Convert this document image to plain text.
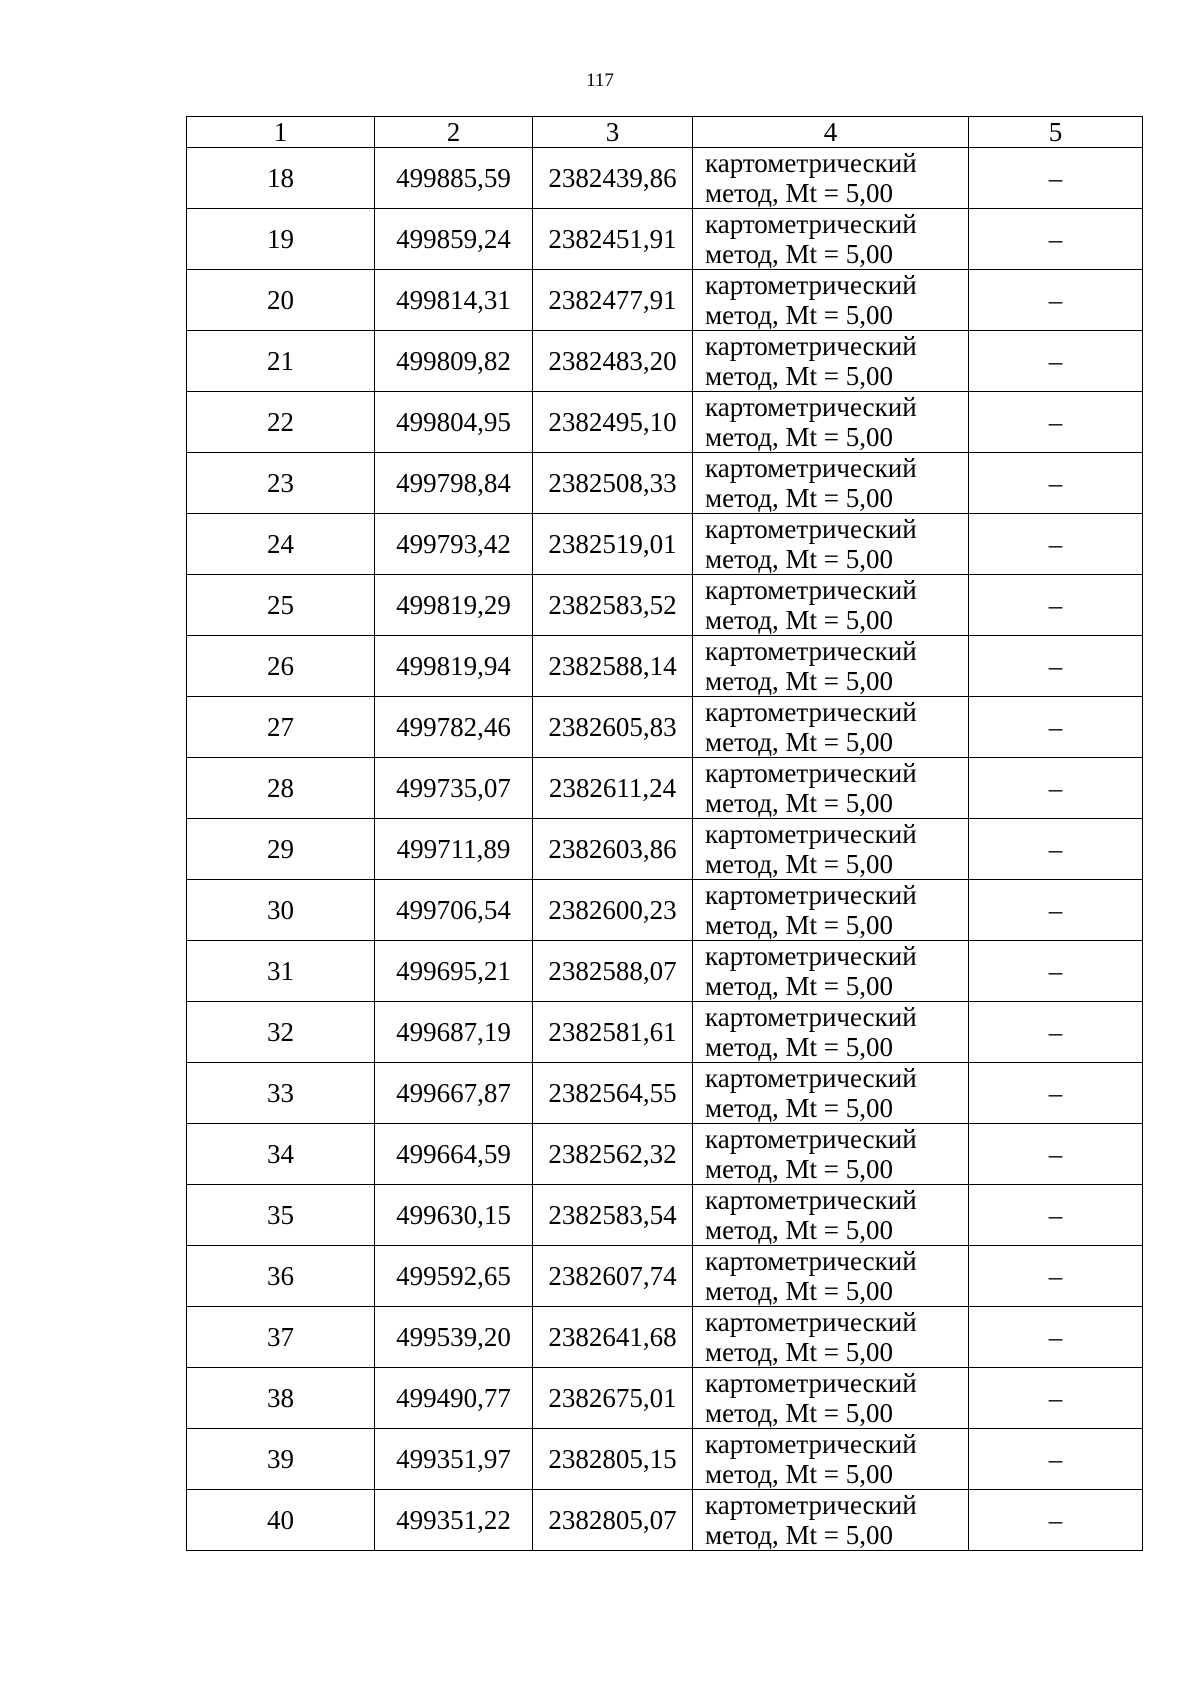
117
1	2	3	4	5
18	499885,59	2382439,86	картометрический
метод, Mt = 5,00	–
19	499859,24	2382451,91	картометрический
метод, Mt = 5,00	–
20	499814,31	2382477,91	картометрический
метод, Mt = 5,00	–
21	499809,82	2382483,20	картометрический
метод, Mt = 5,00	–
22	499804,95	2382495,10	картометрический
метод, Mt = 5,00	–
23	499798,84	2382508,33	картометрический
метод, Mt = 5,00	–
24	499793,42	2382519,01	картометрический
метод, Mt = 5,00	–
25	499819,29	2382583,52	картометрический
метод, Mt = 5,00	–
26	499819,94	2382588,14	картометрический
метод, Mt = 5,00	–
27	499782,46	2382605,83	картометрический
метод, Mt = 5,00	–
28	499735,07	2382611,24	картометрический
метод, Mt = 5,00	–
29	499711,89	2382603,86	картометрический
метод, Mt = 5,00	–
30	499706,54	2382600,23	картометрический
метод, Mt = 5,00	–
31	499695,21	2382588,07	картометрический
метод, Mt = 5,00	–
32	499687,19	2382581,61	картометрический
метод, Mt = 5,00	–
33	499667,87	2382564,55	картометрический
метод, Mt = 5,00	–
34	499664,59	2382562,32	картометрический
метод, Mt = 5,00	–
35	499630,15	2382583,54	картометрический
метод, Mt = 5,00	–
36	499592,65	2382607,74	картометрический
метод, Mt = 5,00	–
37	499539,20	2382641,68	картометрический
метод, Mt = 5,00	–
38	499490,77	2382675,01	картометрический
метод, Mt = 5,00	–
39	499351,97	2382805,15	картометрический
метод, Mt = 5,00	–
40	499351,22	2382805,07	картометрический
метод, Mt = 5,00	–
